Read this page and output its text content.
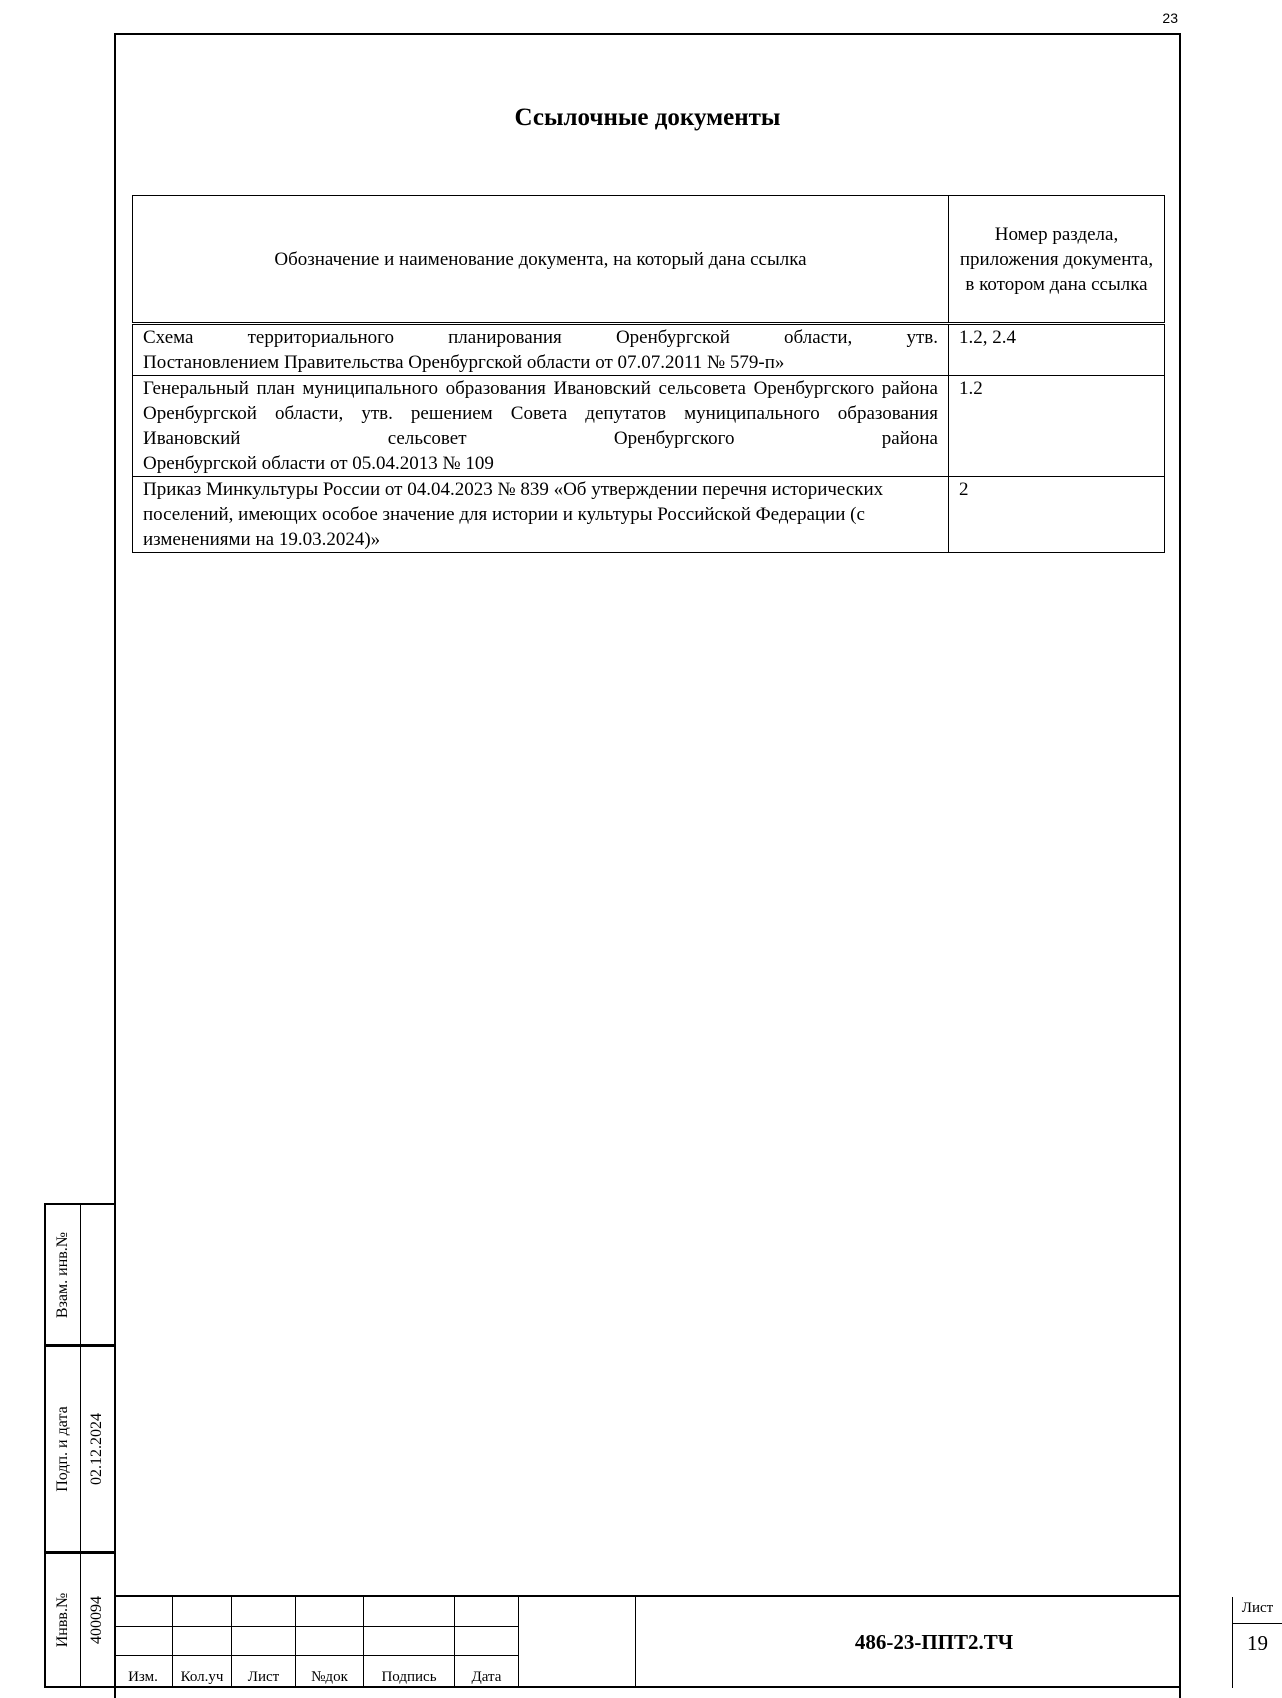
23
Ссылочные документы
Обозначение и наименование документа, на который дана ссылка	Номер раздела, приложения документа, в котором дана ссылка

Схема территориального планирования Оренбургской области, утв.
Постановлением Правительства Оренбургской области от 07.07.2011 № 579-п»	1.2, 2.4

Генеральный план муниципального образования Ивановский сельсовета Оренбургского района Оренбургской области, утв. решением Совета депутатов муниципального образования Ивановский сельсовет Оренбургского района
Оренбургской области от 05.04.2013 № 109	1.2

Приказ Минкультуры России от 04.04.2023 № 839 «Об утверждении перечня исторических поселений, имеющих особое значение для истории и культуры Российской Федерации (с изменениями на 19.03.2024)»	2
Взам. инв.№
Подп. и дата 02.12.2024
Инвв.№ 400094
Изм.	Кол.уч	Лист	№док	Подпись	Дата
486-23-ППТ2.ТЧ
Лист
19
